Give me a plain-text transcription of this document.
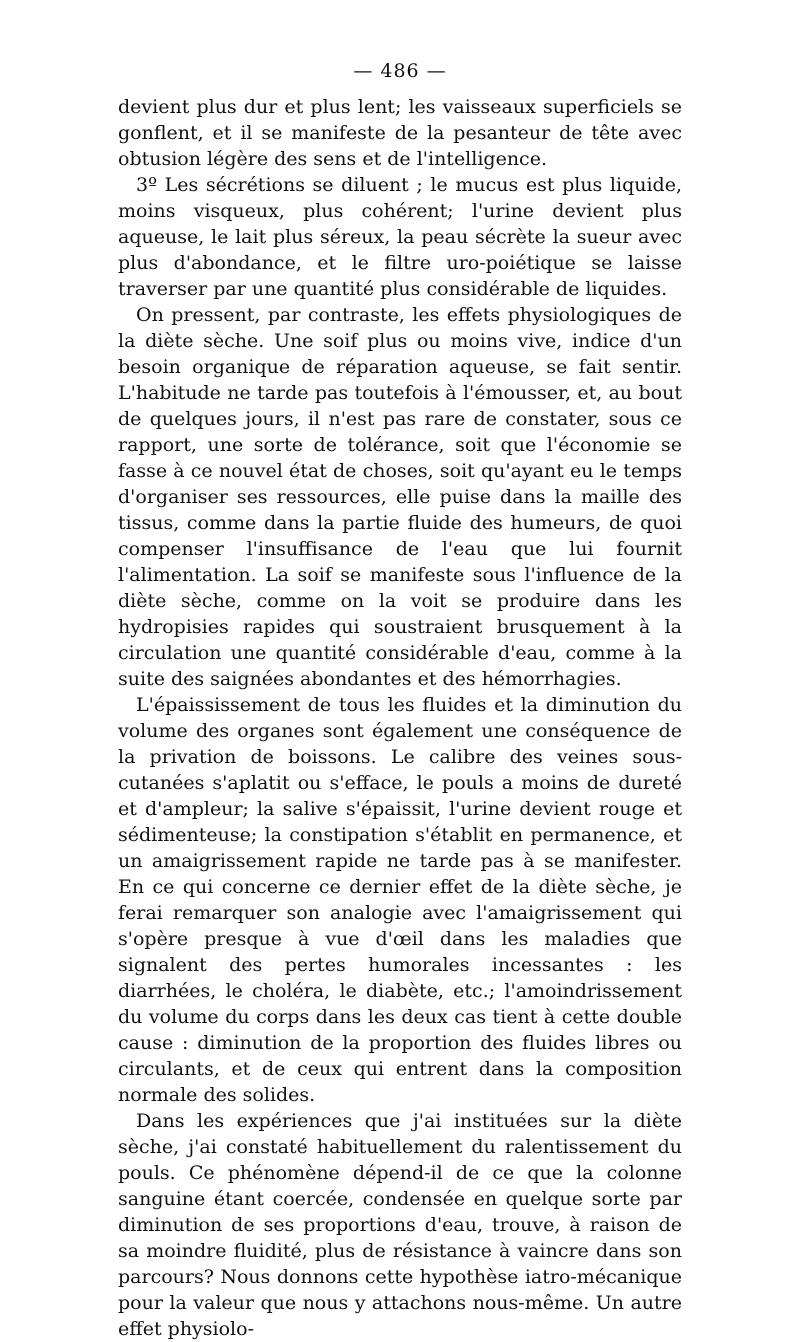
— 486 —

devient plus dur et plus lent; les vaisseaux superficiels se gonflent, et il se manifeste de la pesanteur de tête avec obtusion légère des sens et de l'intelligence.

3º Les sécrétions se diluent ; le mucus est plus liquide, moins visqueux, plus cohérent; l'urine devient plus aqueuse, le lait plus séreux, la peau sécrète la sueur avec plus d'abondance, et le filtre uro-poiétique se laisse traverser par une quantité plus considérable de liquides.

On pressent, par contraste, les effets physiologiques de la diète sèche. Une soif plus ou moins vive, indice d'un besoin organique de réparation aqueuse, se fait sentir. L'habitude ne tarde pas toutefois à l'émousser, et, au bout de quelques jours, il n'est pas rare de constater, sous ce rapport, une sorte de tolérance, soit que l'économie se fasse à ce nouvel état de choses, soit qu'ayant eu le temps d'organiser ses ressources, elle puise dans la maille des tissus, comme dans la partie fluide des humeurs, de quoi compenser l'insuffisance de l'eau que lui fournit l'alimentation. La soif se manifeste sous l'influence de la diète sèche, comme on la voit se produire dans les hydropisies rapides qui soustraient brusquement à la circulation une quantité considérable d'eau, comme à la suite des saignées abondantes et des hémorrhagies.

L'épaississement de tous les fluides et la diminution du volume des organes sont également une conséquence de la privation de boissons. Le calibre des veines sous-cutanées s'aplatit ou s'efface, le pouls a moins de dureté et d'ampleur; la salive s'épaissit, l'urine devient rouge et sédimenteuse; la constipation s'établit en permanence, et un amaigrissement rapide ne tarde pas à se manifester. En ce qui concerne ce dernier effet de la diète sèche, je ferai remarquer son analogie avec l'amaigrissement qui s'opère presque à vue d'œil dans les maladies que signalent des pertes humorales incessantes : les diarrhées, le choléra, le diabète, etc.; l'amoindrissement du volume du corps dans les deux cas tient à cette double cause : diminution de la proportion des fluides libres ou circulants, et de ceux qui entrent dans la composition normale des solides.

Dans les expériences que j'ai instituées sur la diète sèche, j'ai constaté habituellement du ralentissement du pouls. Ce phénomène dépend-il de ce que la colonne sanguine étant coercée, condensée en quelque sorte par diminution de ses proportions d'eau, trouve, à raison de sa moindre fluidité, plus de résistance à vaincre dans son parcours? Nous donnons cette hypothèse iatro-mécanique pour la valeur que nous y attachons nous-même. Un autre effet physiolo-
